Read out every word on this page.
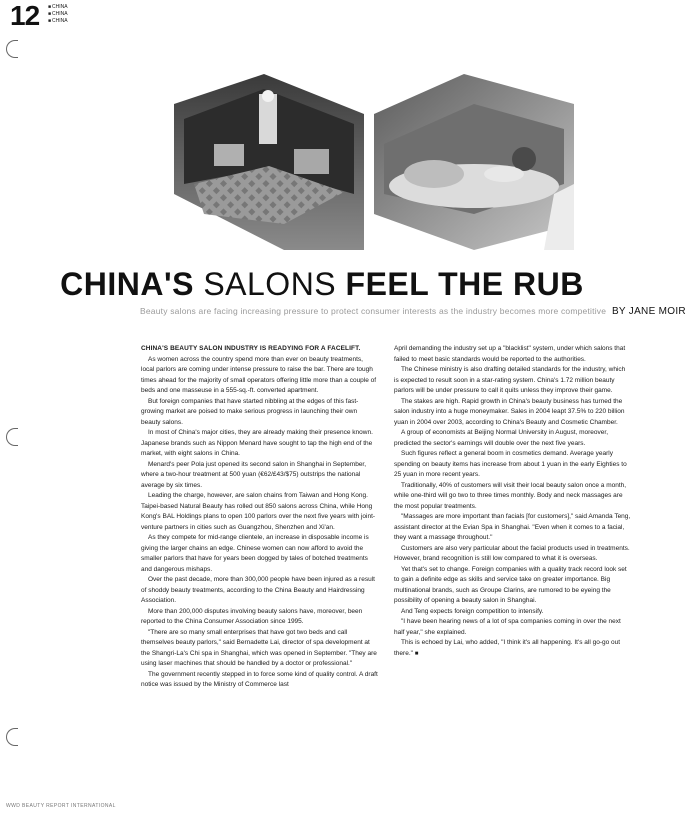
12
■	CHINA
■ CHINA
■ CHINA
CHINA'S SALONS FEEL THE RUB
Beauty salons are facing increasing pressure to protect consumer interests as the industry becomes more competitive BY JANE MOIR

CHINA'S BEAUTY SALON INDUSTRY IS READYING FOR A FACELIFT.

As women across the country spend more than ever on beauty treatments, local parlors are coming under intense pressure to raise the bar. There are tough times ahead for the majority of small operators offering little more than a couple of beds and one masseuse in a 555-sq.-ft. converted apartment.

But foreign companies that have started nibbling at the edges of this fast-growing market are poised to make serious progress in launching their own beauty salons.

In most of China's major cities, they are already making their presence known. Japanese brands such as Nippon Menard have sought to tap the high end of the market, with eight salons in China.

Menard's peer Pola just opened its second salon in Shanghai in September, where a two-hour treatment at 500 yuan (€62/£43/$75) outstrips the national average by six times.

Leading the charge, however, are salon chains from Taiwan and Hong Kong. Taipei-based Natural Beauty has rolled out 850 salons across China, while Hong Kong's BAL Holdings plans to open 100 parlors over the next five years with joint-venture partners in cities such as Guangzhou, Shenzhen and Xi'an.

As they compete for mid-range clientele, an increase in disposable income is giving the larger chains an edge. Chinese women can now afford to avoid the smaller parlors that have for years been dogged by tales of botched treatments and dangerous mishaps.

Over the past decade, more than 300,000 people have been injured as a result of shoddy beauty treatments, according to the China Beauty and Hairdressing Association.

More than 200,000 disputes involving beauty salons have, moreover, been reported to the China Consumer Association since 1995.

"There are so many small enterprises that have got two beds and call themselves beauty parlors," said Bernadette Lai, director of spa development at the Shangri-La's Chi spa in Shanghai, which was opened in September. "They are using laser machines that should be handled by a doctor or professional."

The government recently stepped in to force some kind of quality control. A draft notice was issued by the Ministry of Commerce last

April demanding the industry set up a "blacklist" system, under which salons that failed to meet basic standards would be reported to the authorities.

The Chinese ministry is also drafting detailed standards for the industry, which is expected to result soon in a star-rating system. China's 1.72 million beauty parlors will be under pressure to call it quits unless they improve their game.

The stakes are high. Rapid growth in China's beauty business has turned the salon industry into a huge moneymaker. Sales in 2004 leapt 37.5% to 220 billion yuan in 2004 over 2003, according to China's Beauty and Cosmetic Chamber.

A group of economists at Beijing Normal University in August, moreover, predicted the sector's earnings will double over the next five years.

Such figures reflect a general boom in cosmetics demand. Average yearly spending on beauty items has increase from about 1 yuan in the early Eighties to 25 yuan in more recent years.

Traditionally, 40% of customers will visit their local beauty salon once a month, while one-third will go two to three times monthly. Body and neck massages are the most popular treatments.

"Massages are more important than facials [for customers]," said Amanda Teng, assistant director at the Evian Spa in Shanghai. "Even when it comes to a facial, they want a massage throughout."

Customers are also very particular about the facial products used in treatments. However, brand recognition is still low compared to what it is overseas.

Yet that's set to change. Foreign companies with a quality track record look set to gain a definite edge as skills and service take on greater importance. Big multinational brands, such as Groupe Clarins, are rumored to be eyeing the possibility of opening a beauty salon in Shanghai.

And Teng expects foreign competition to intensify.

"I have been hearing news of a lot of spa companies coming in over the next half year," she explained.

This is echoed by Lai, who added, "I think it's all happening. It's all go-go out there." ■

WWD BEAUTY REPORT INTERNATIONAL
